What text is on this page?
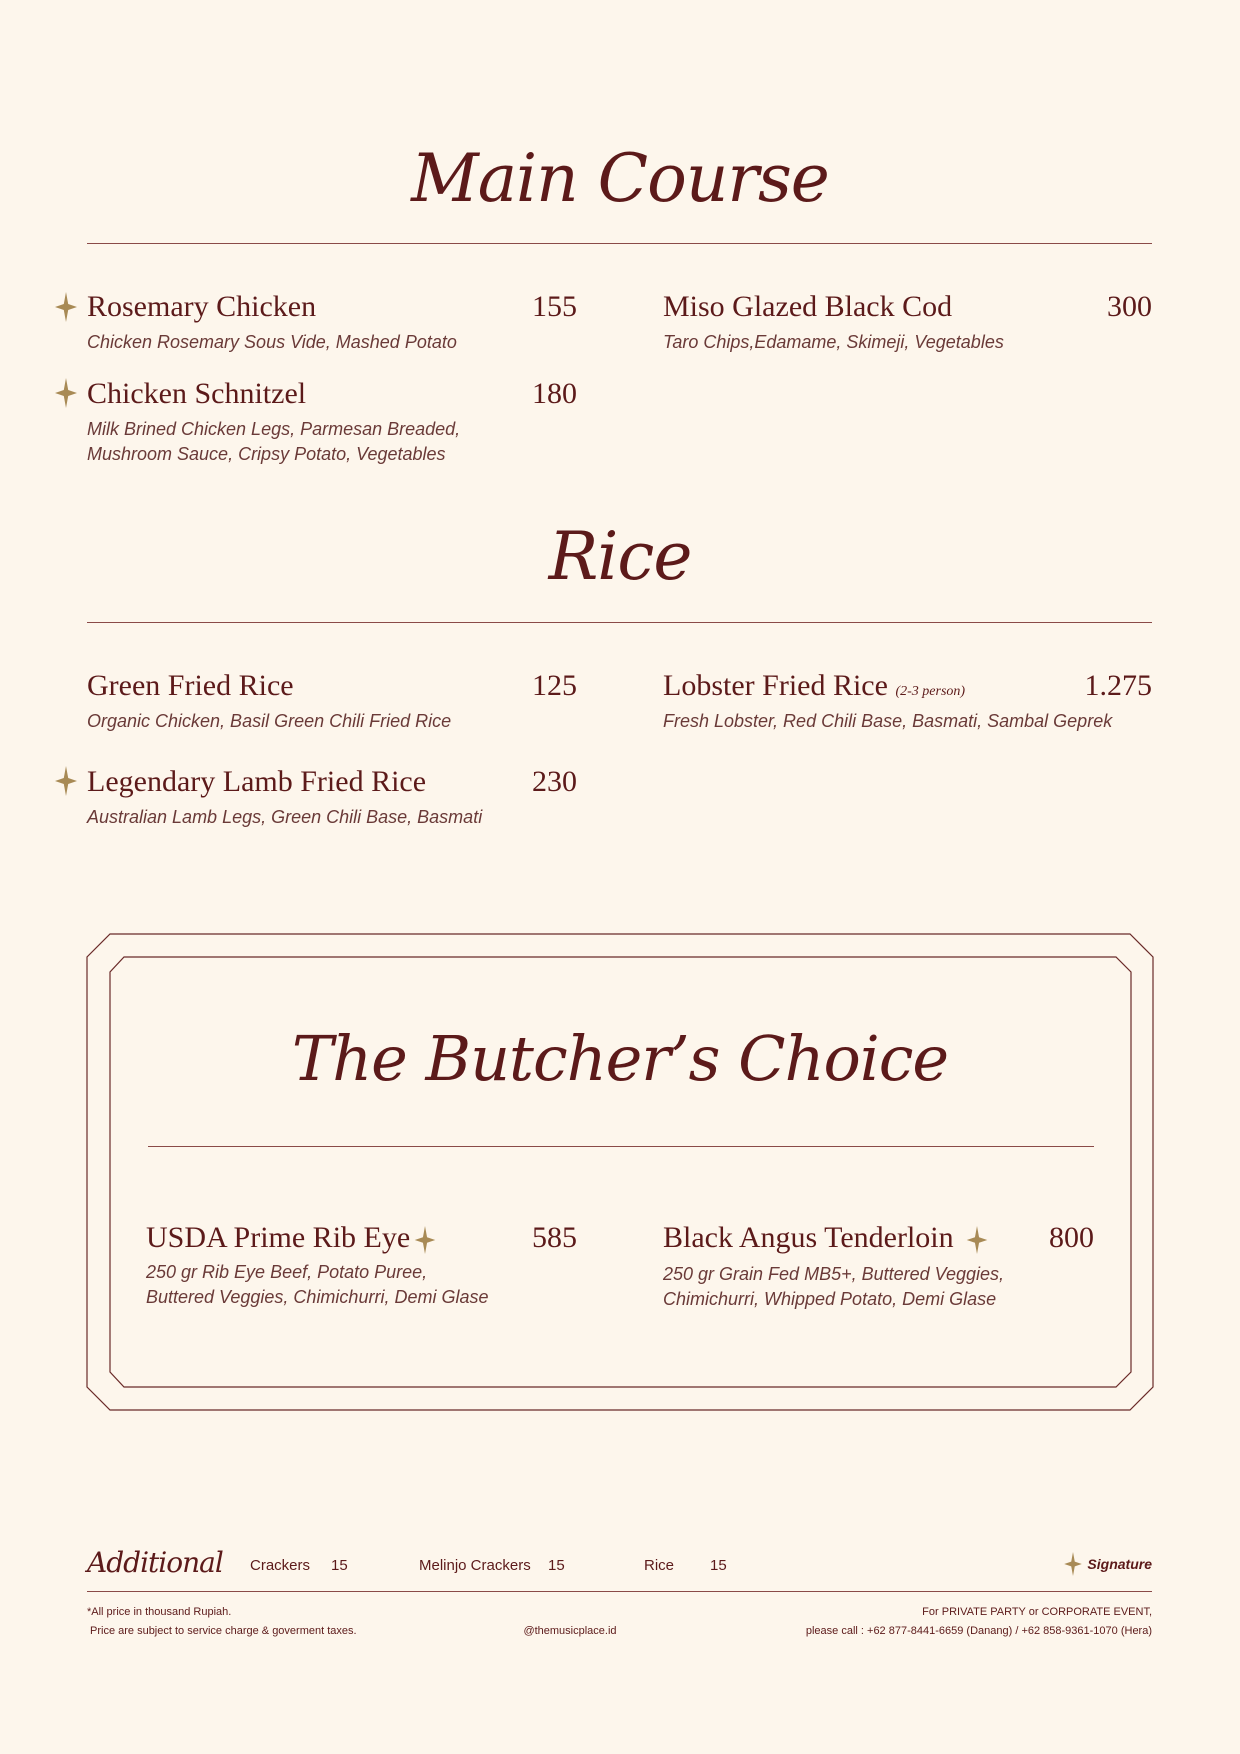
Main Course
Rosemary Chicken	155
Chicken Rosemary Sous Vide, Mashed Potato
Chicken Schnitzel	180
Milk Brined Chicken Legs, Parmesan Breaded,
Mushroom Sauce, Cripsy Potato, Vegetables
Miso Glazed Black Cod	300
Taro Chips,Edamame, Skimeji, Vegetables
Rice
Green Fried Rice	125
Organic Chicken, Basil Green Chili Fried Rice
Legendary Lamb Fried Rice	230
Australian Lamb Legs, Green Chili Base, Basmati
Lobster Fried Rice (2-3 person)	1.275
Fresh Lobster, Red Chili Base, Basmati, Sambal Geprek
The Butcher’s Choice
USDA Prime Rib Eye	585
250 gr Rib Eye Beef, Potato Puree,
Buttered Veggies, Chimichurri, Demi Glase
Black Angus Tenderloin	800
250 gr Grain Fed MB5+, Buttered Veggies,
Chimichurri, Whipped Potato, Demi Glase
Additional Crackers 15	Melinjo Crackers 15	Rice 15	Signature
*All price in thousand Rupiah.
Price are subject to service charge & goverment taxes.	@themusicplace.id
For PRIVATE PARTY or CORPORATE EVENT,
please call : +62 877-8441-6659 (Danang) / +62 858-9361-1070 (Hera)
